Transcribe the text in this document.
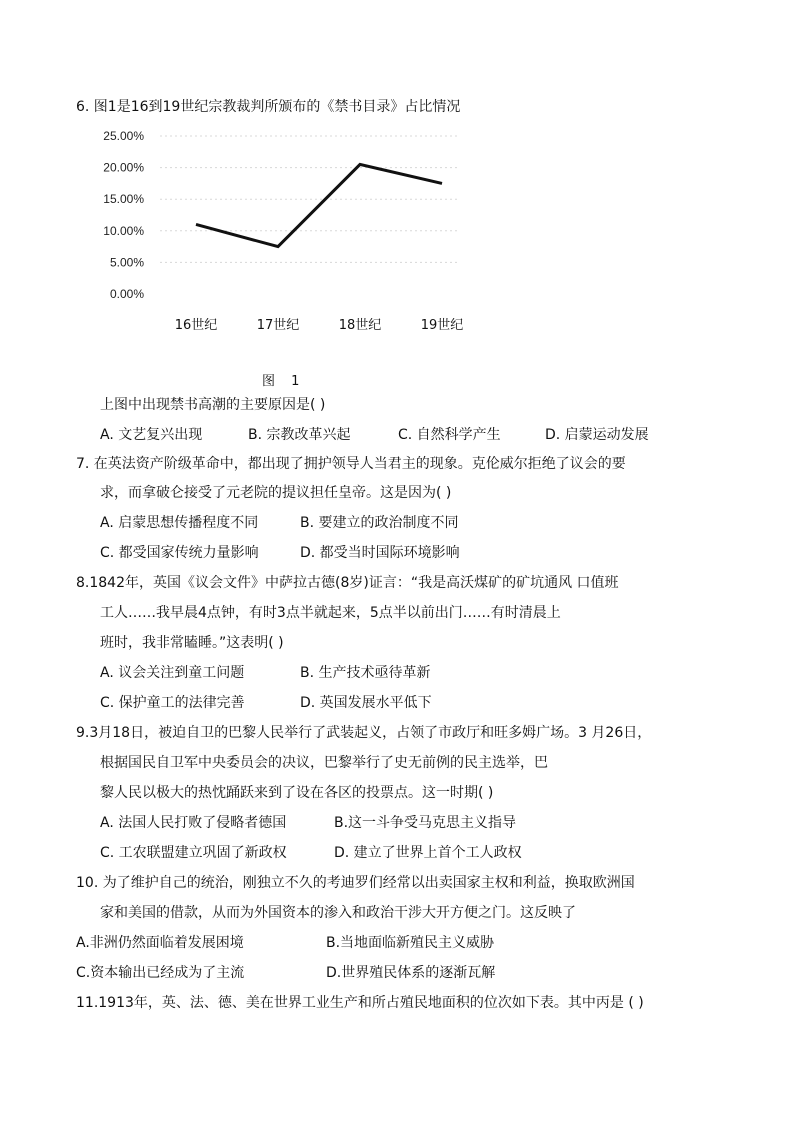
6. 图1是16到19世纪宗教裁判所颁布的《禁书目录》占比情况
25.00%
20.00%
15.00%
10.00%
5.00%
0.00%
16世纪	17世纪	18世纪	19世纪
图 1
上图中出现禁书高潮的主要原因是( )
A. 文艺复兴出现	B. 宗教改革兴起	C. 自然科学产生	D. 启蒙运动发展
7. 在英法资产阶级革命中，都出现了拥护领导人当君主的现象。克伦威尔拒绝了议会的要
求，而拿破仑接受了元老院的提议担任皇帝。这是因为( )
A. 启蒙思想传播程度不同	B. 要建立的政治制度不同
C. 都受国家传统力量影响	D. 都受当时国际环境影响
8.1842年，英国《议会文件》中萨拉古德(8岁)证言：“我是高沃煤矿的矿坑通风 口值班
工人……我早晨4点钟，有时3点半就起来，5点半以前出门……有时清晨上
班时，我非常瞌睡。”这表明( )
A. 议会关注到童工问题	B. 生产技术亟待革新
C. 保护童工的法律完善	D. 英国发展水平低下
9.3月18日，被迫自卫的巴黎人民举行了武装起义，占领了市政厅和旺多姆广场。3 月26日，
根据国民自卫军中央委员会的决议，巴黎举行了史无前例的民主选举，巴
黎人民以极大的热忱踊跃来到了设在各区的投票点。这一时期( )
A. 法国人民打败了侵略者德国	B.这一斗争受马克思主义指导
C. 工农联盟建立巩固了新政权	D. 建立了世界上首个工人政权
10. 为了维护自己的统治，刚独立不久的考迪罗们经常以出卖国家主权和利益，换取欧洲国
家和美国的借款，从而为外国资本的渗入和政治干涉大开方便之门。这反映了
A.非洲仍然面临着发展困境	B.当地面临新殖民主义威胁
C.资本输出已经成为了主流	D.世界殖民体系的逐渐瓦解
11.1913年，英、法、德、美在世界工业生产和所占殖民地面积的位次如下表。其中丙是 ( )
